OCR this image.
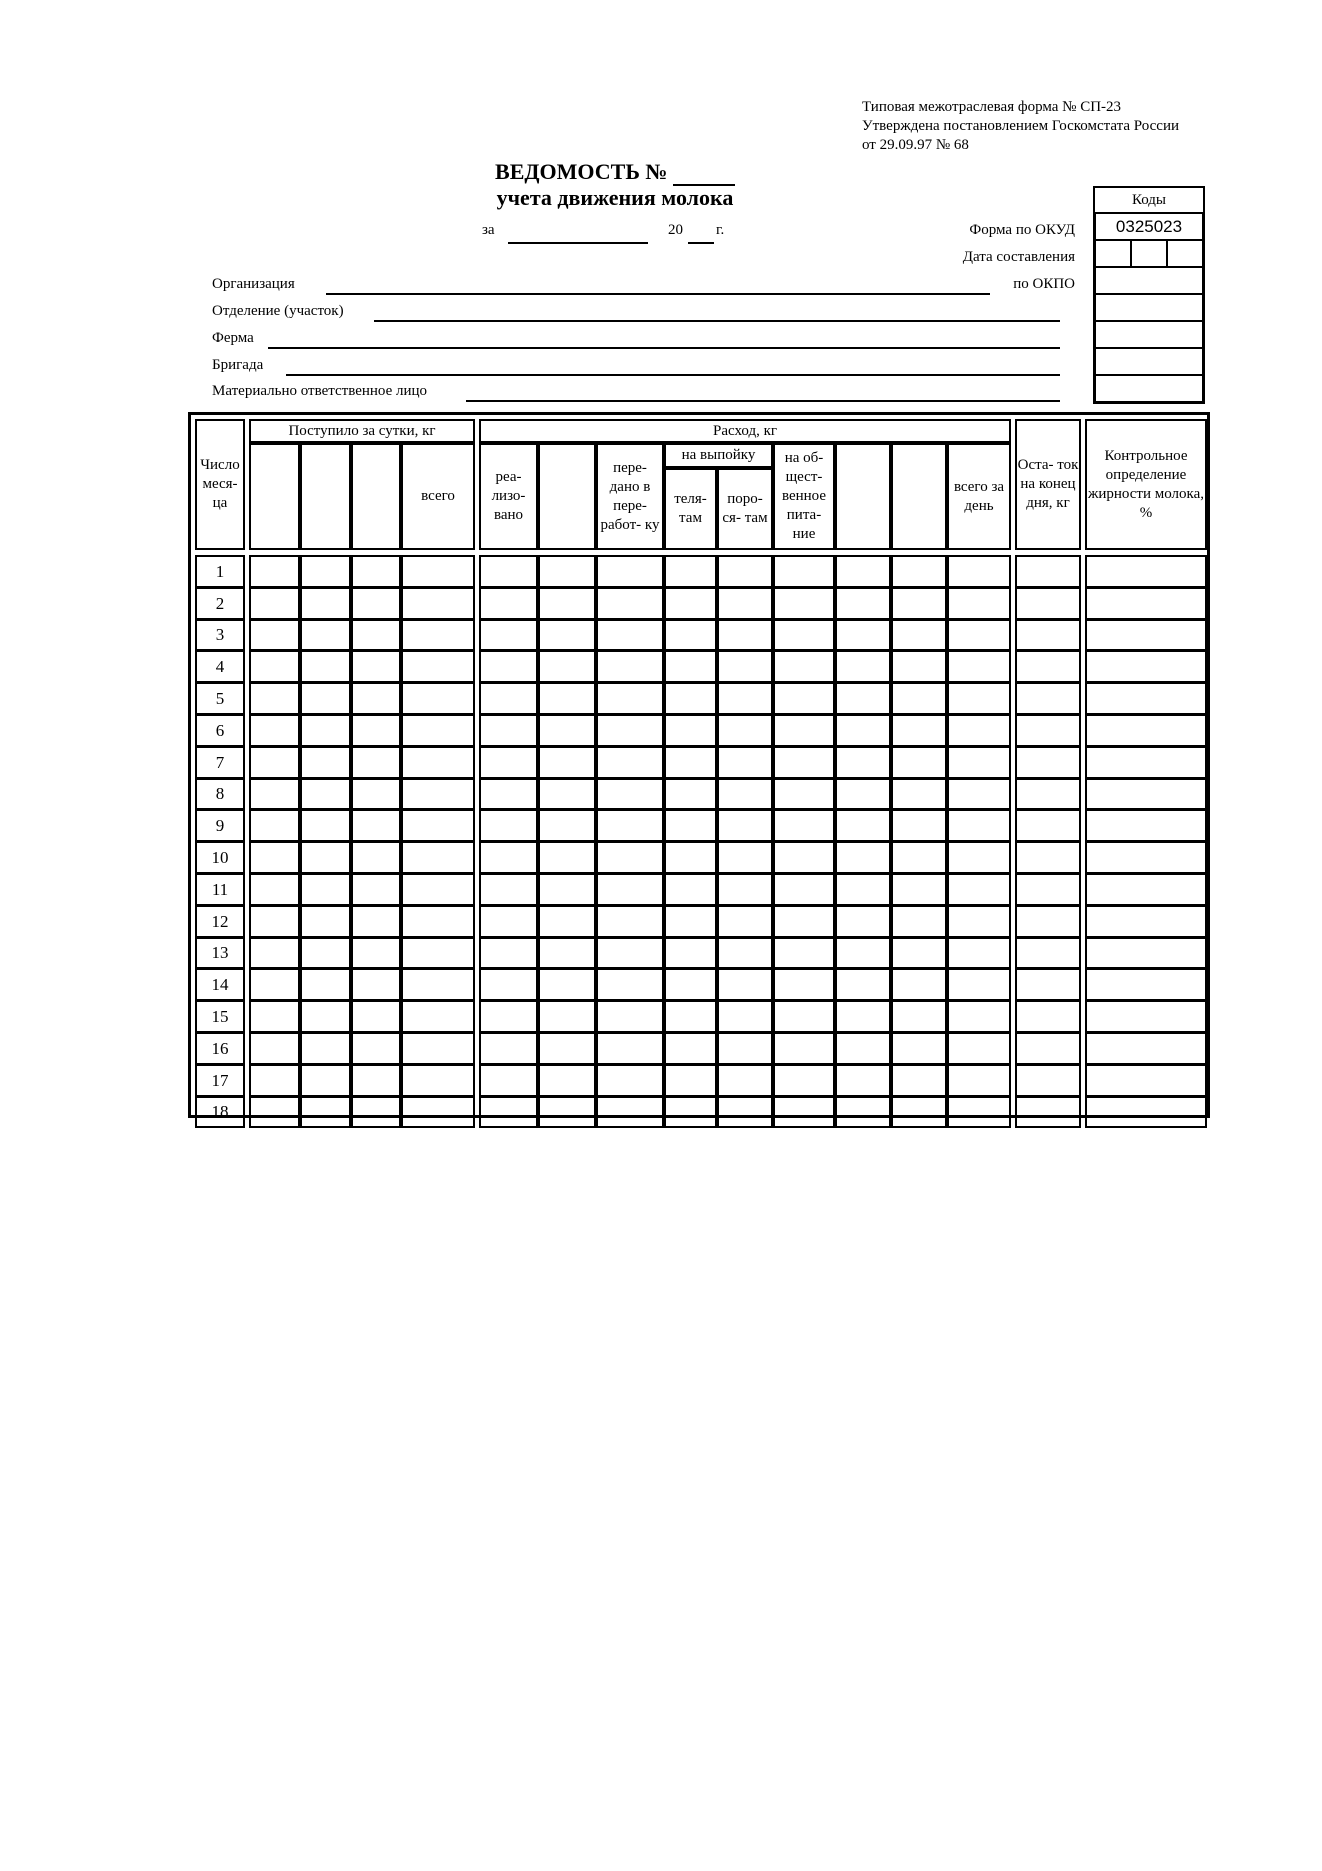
Типовая межотраслевая форма № СП-23
Утверждена постановлением Госкомстата России
от 29.09.97 № 68
ВЕДОМОСТЬ №
учета движения молока
за	20 г.	Форма по ОКУД
Дата составления
по ОКПО
Коды
0325023
Организация
Отделение (участок)
Ферма
Бригада
Материально ответственное лицо
Число меся- ца
Поступило за сутки, кг
всего
Расход, кг
реа- лизо- вано
пере- дано в пере- работ- ку
на выпойку
теля- там
поро- ся- там
на об- щест- венное пита- ние
всего за день
Оста- ток на конец дня, кг
Контрольное определение жирности молока, %
1
2
3
4
5
6
7
8
9
10
11
12
13
14
15
16
17
18
